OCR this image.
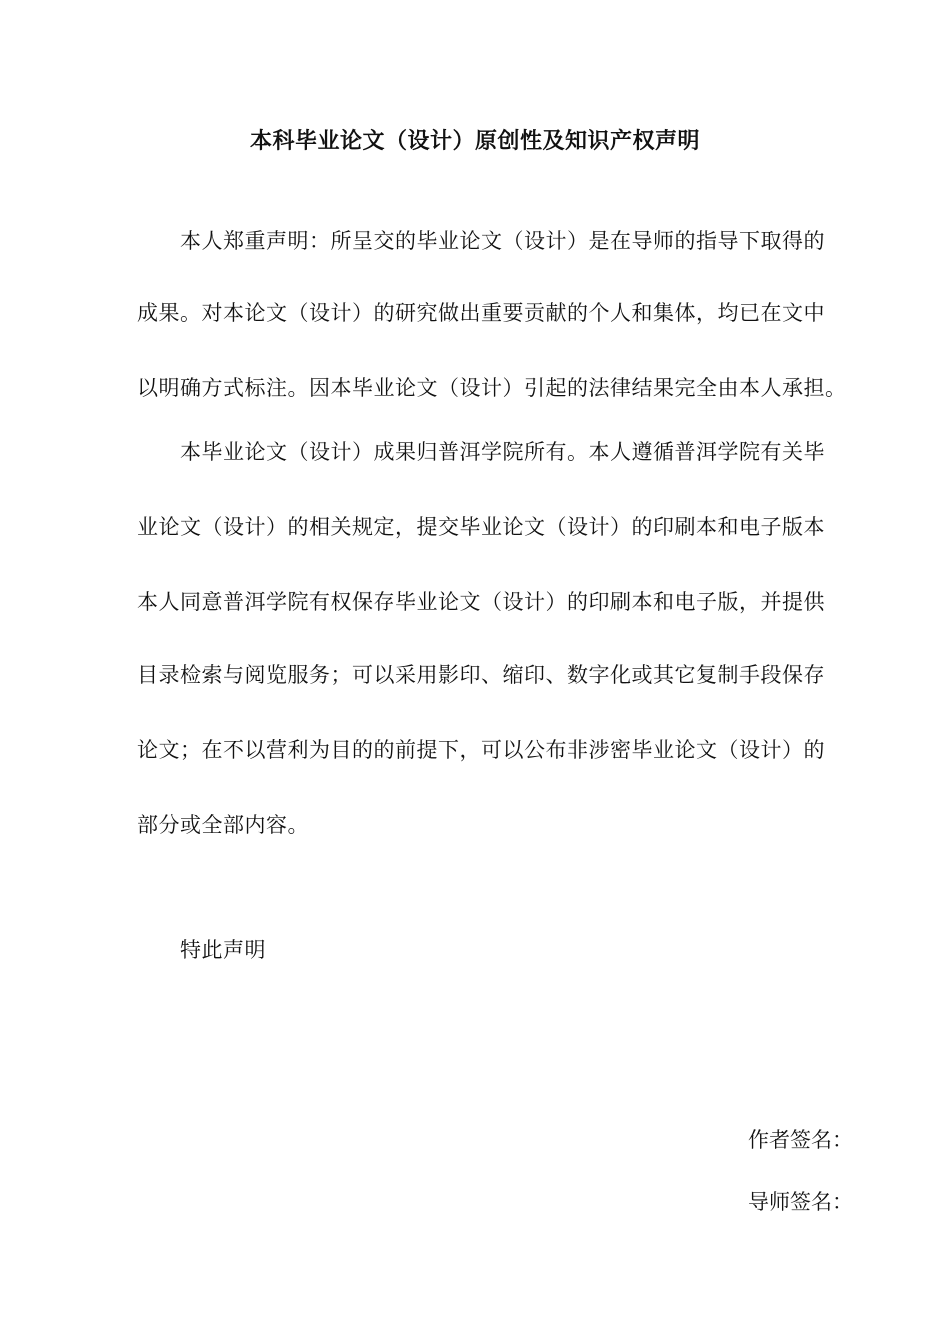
本科毕业论文（设计）原创性及知识产权声明

本人郑重声明：所呈交的毕业论文（设计）是在导师的指导下取得的

成果。对本论文（设计）的研究做出重要贡献的个人和集体，均已在文中

以明确方式标注。因本毕业论文（设计）引起的法律结果完全由本人承担。

本毕业论文（设计）成果归普洱学院所有。本人遵循普洱学院有关毕

业论文（设计）的相关规定，提交毕业论文（设计）的印刷本和电子版本

本人同意普洱学院有权保存毕业论文（设计）的印刷本和电子版，并提供

目录检索与阅览服务；可以采用影印、缩印、数字化或其它复制手段保存

论文；在不以营利为目的的前提下，可以公布非涉密毕业论文（设计）的

部分或全部内容。

特此声明

作者签名：

导师签名：
